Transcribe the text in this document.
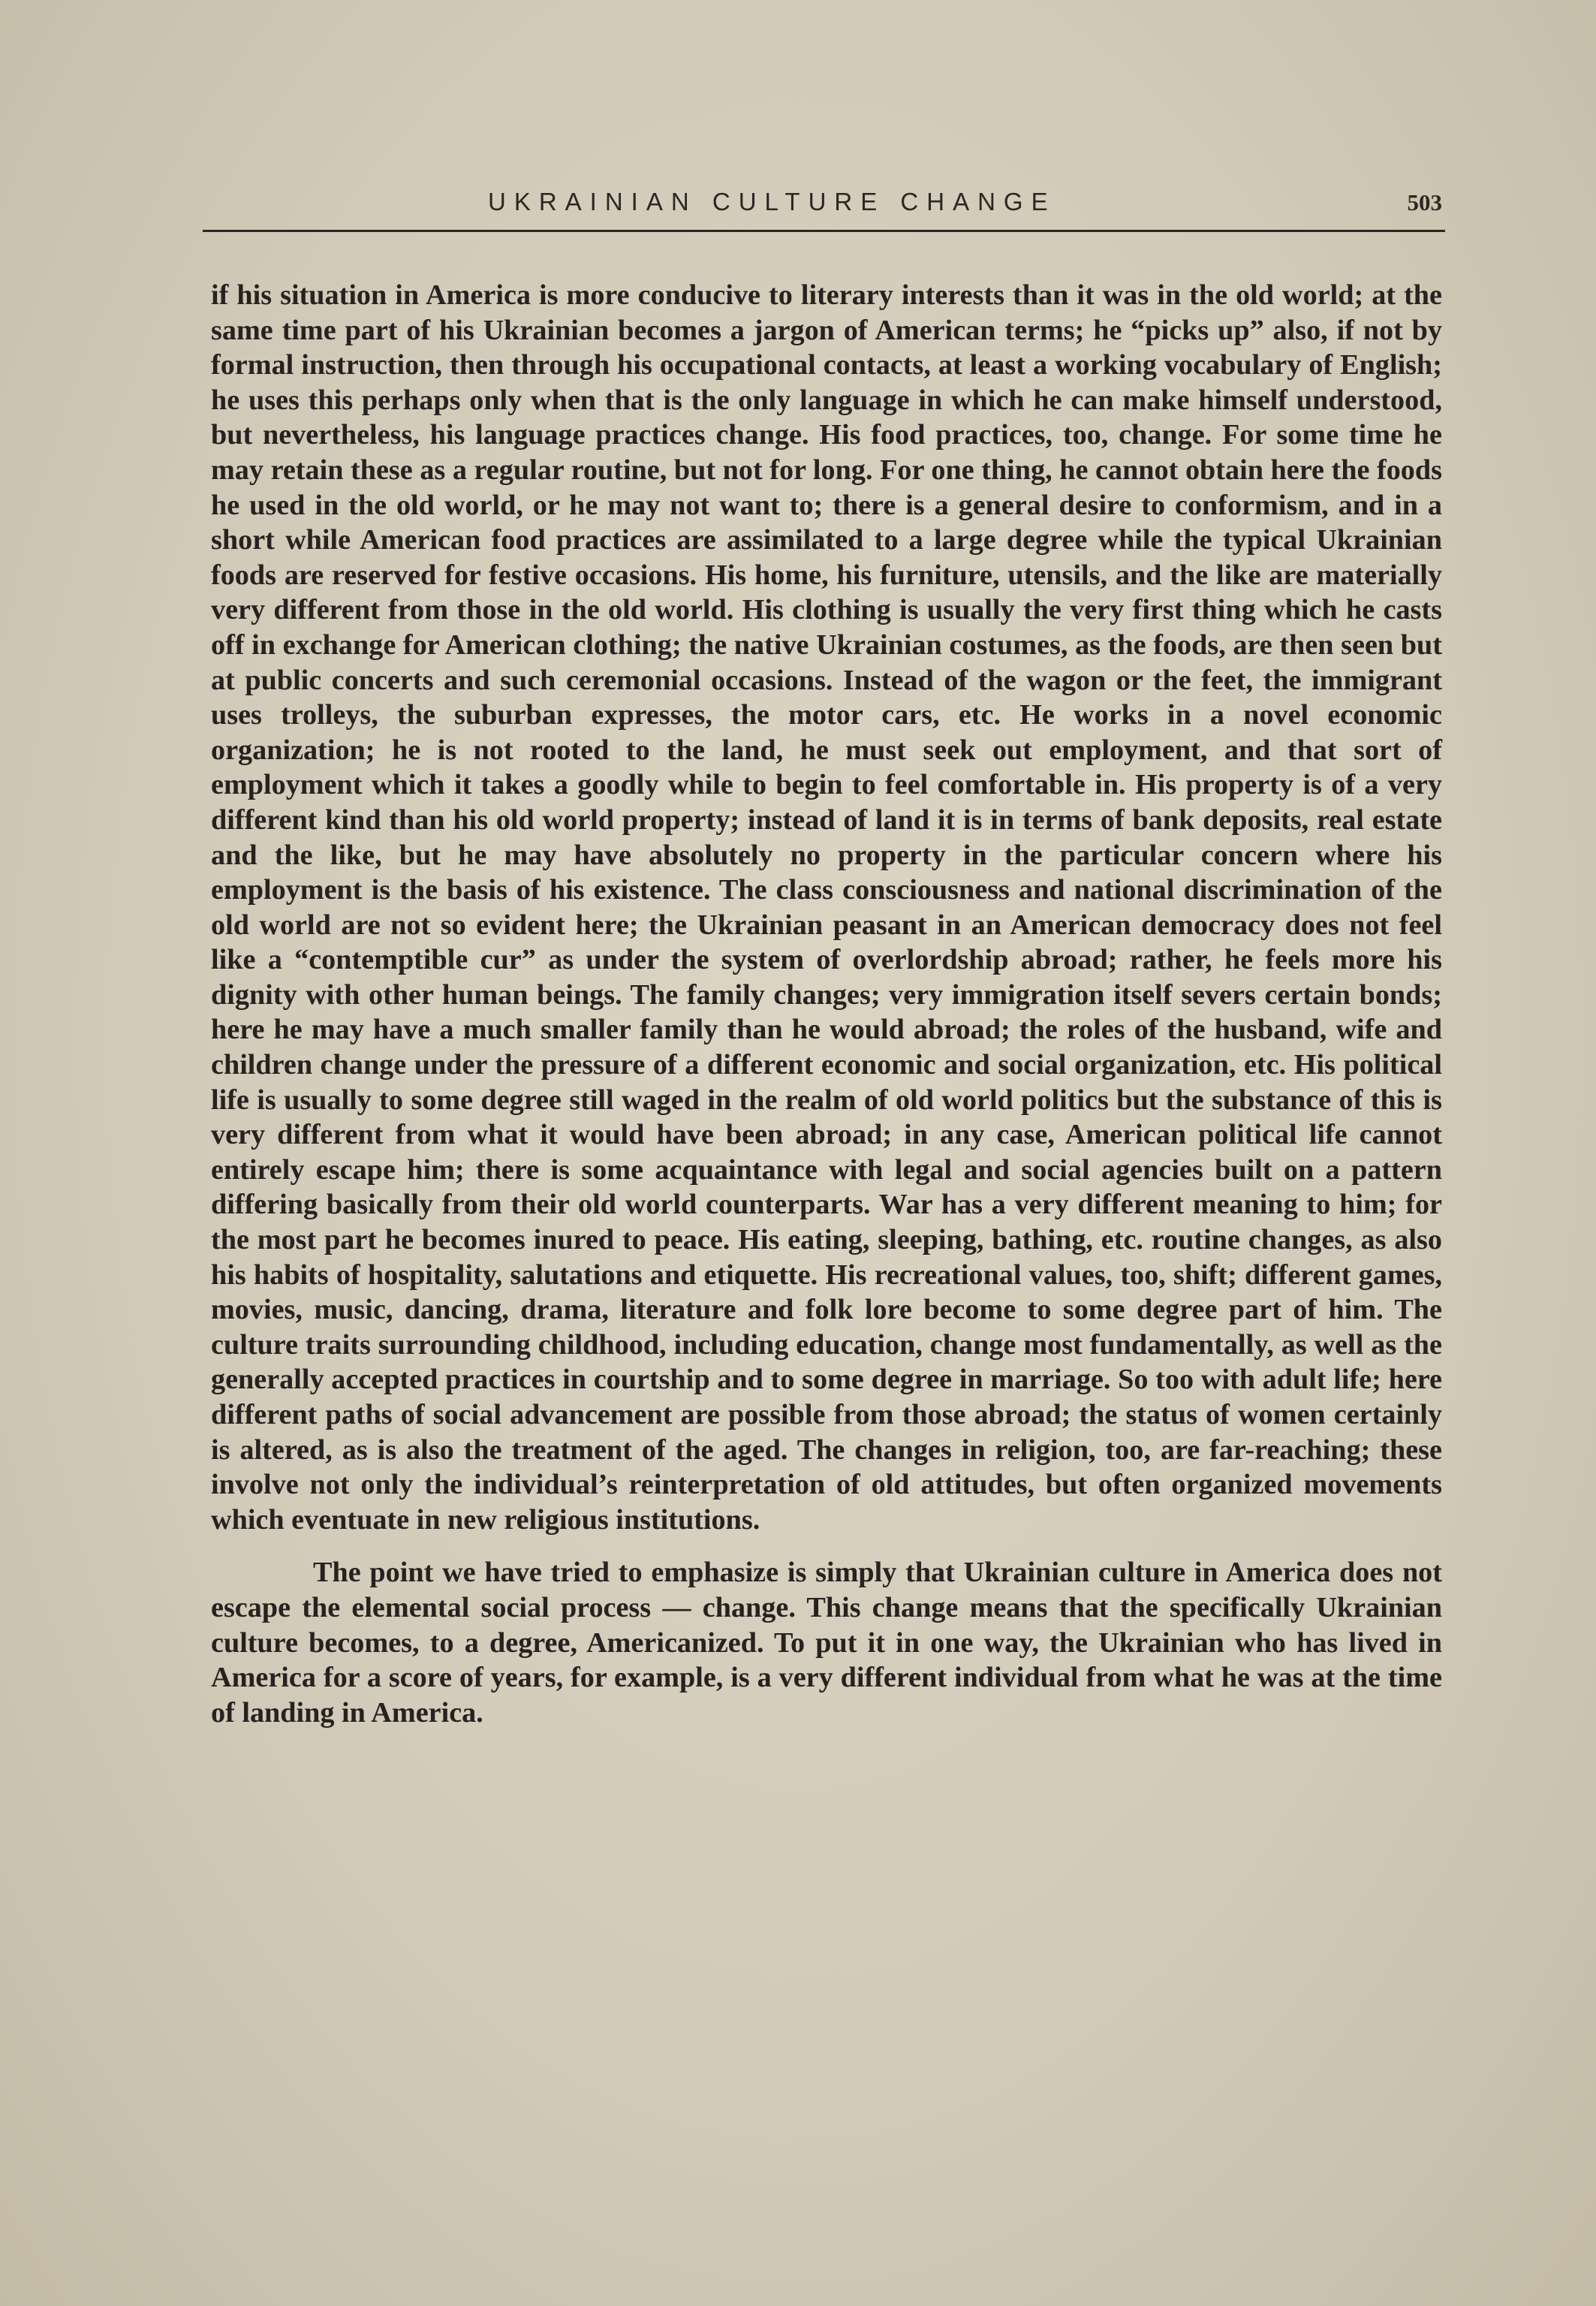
UKRAINIAN CULTURE CHANGE	503

if his situation in America is more conducive to literary interests than it was in the old world; at the same time part of his Ukrainian becomes a jargon of American terms; he “picks up” also, if not by formal instruction, then through his occupational contacts, at least a working vocabulary of English; he uses this perhaps only when that is the only language in which he can make himself understood, but nevertheless, his language practices change. His food practices, too, change. For some time he may retain these as a regular routine, but not for long. For one thing, he cannot obtain here the foods he used in the old world, or he may not want to; there is a general desire to conformism, and in a short while American food practices are assimilated to a large degree while the typical Ukrainian foods are reserved for festive occasions. His home, his furniture, utensils, and the like are materially very different from those in the old world. His clothing is usually the very first thing which he casts off in exchange for American clothing; the native Ukrainian costumes, as the foods, are then seen but at public concerts and such ceremonial occasions. Instead of the wagon or the feet, the immigrant uses trolleys, the suburban expresses, the motor cars, etc. He works in a novel economic organization; he is not rooted to the land, he must seek out employment, and that sort of employment which it takes a goodly while to begin to feel comfortable in. His property is of a very different kind than his old world property; instead of land it is in terms of bank deposits, real estate and the like, but he may have absolutely no property in the particular concern where his employment is the basis of his existence. The class consciousness and national discrimination of the old world are not so evident here; the Ukrainian peasant in an American democracy does not feel like a “contemptible cur” as under the system of overlordship abroad; rather, he feels more his dignity with other human beings. The family changes; very immigration itself severs certain bonds; here he may have a much smaller family than he would abroad; the roles of the husband, wife and children change under the pressure of a different economic and social organization, etc. His political life is usually to some degree still waged in the realm of old world politics but the substance of this is very different from what it would have been abroad; in any case, American political life cannot entirely escape him; there is some acquaintance with legal and social agencies built on a pattern differing basically from their old world counterparts. War has a very different meaning to him; for the most part he becomes inured to peace. His eating, sleeping, bathing, etc. routine changes, as also his habits of hospitality, salutations and etiquette. His recreational values, too, shift; different games, movies, music, dancing, drama, literature and folk lore become to some degree part of him. The culture traits surrounding childhood, including education, change most fundamentally, as well as the generally accepted practices in courtship and to some degree in marriage. So too with adult life; here different paths of social advancement are possible from those abroad; the status of women certainly is altered, as is also the treatment of the aged. The changes in religion, too, are far-reaching; these involve not only the individual’s reinterpretation of old attitudes, but often organized movements which eventuate in new religious institutions.

The point we have tried to emphasize is simply that Ukrainian culture in America does not escape the elemental social process — change. This change means that the specifically Ukrainian culture becomes, to a degree, Americanized. To put it in one way, the Ukrainian who has lived in America for a score of years, for example, is a very different individual from what he was at the time of landing in America.
